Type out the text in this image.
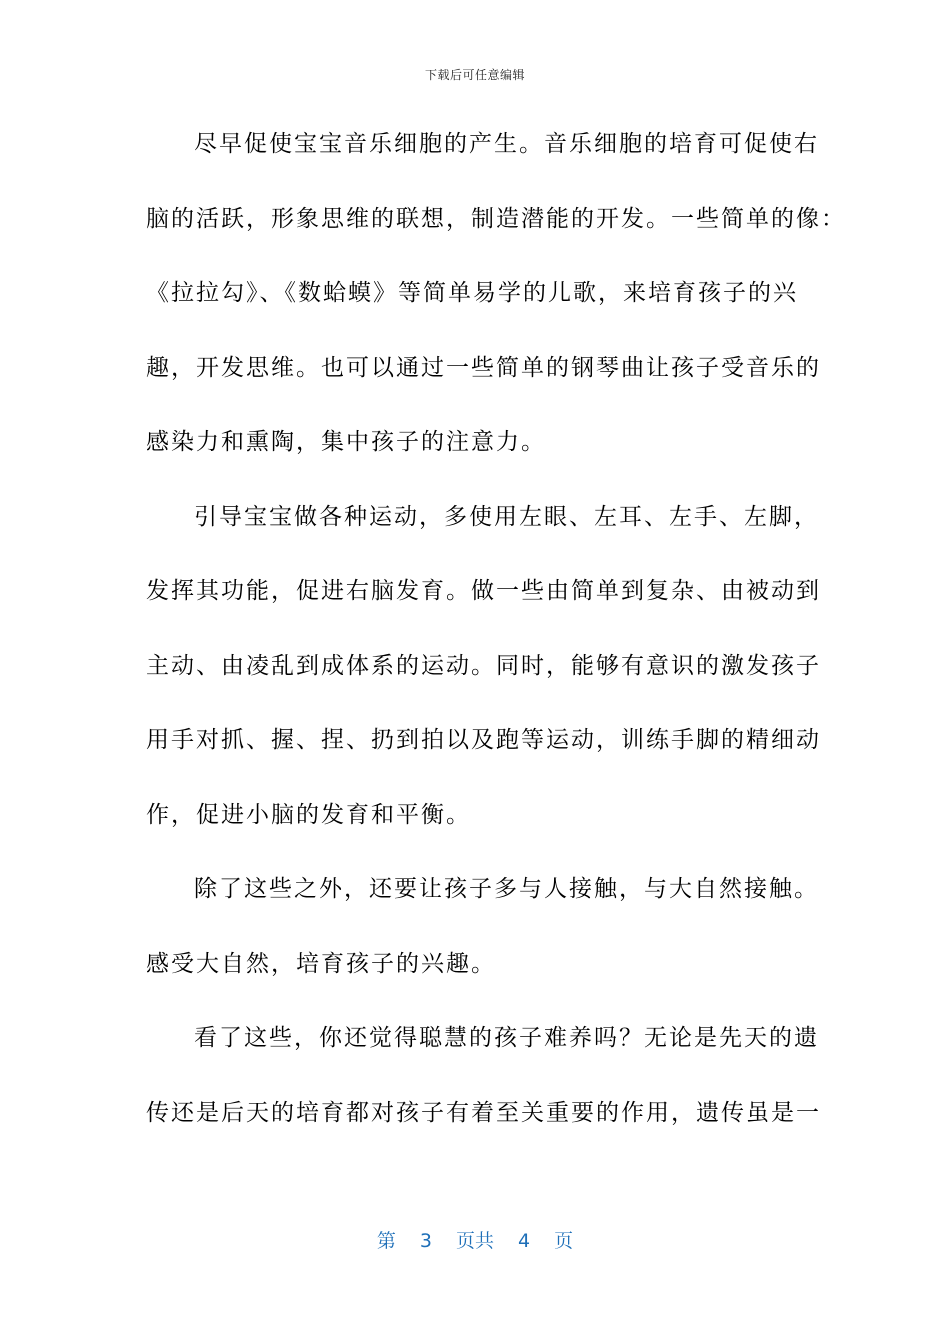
下载后可任意编辑
尽早促使宝宝音乐细胞的产生。音乐细胞的培育可促使右
脑的活跃，形象思维的联想，制造潜能的开发。一些简单的像：
《拉拉勾》、《数蛤蟆》等简单易学的儿歌，来培育孩子的兴
趣，开发思维。也可以通过一些简单的钢琴曲让孩子受音乐的
感染力和熏陶，集中孩子的注意力。
引导宝宝做各种运动，多使用左眼、左耳、左手、左脚，
发挥其功能，促进右脑发育。做一些由简单到复杂、由被动到
主动、由凌乱到成体系的运动。同时，能够有意识的激发孩子
用手对抓、握、捏、扔到拍以及跑等运动，训练手脚的精细动
作，促进小脑的发育和平衡。
除了这些之外，还要让孩子多与人接触，与大自然接触。
感受大自然，培育孩子的兴趣。
看了这些，你还觉得聪慧的孩子难养吗？无论是先天的遗
传还是后天的培育都对孩子有着至关重要的作用，遗传虽是一
第 3 页共 4 页
